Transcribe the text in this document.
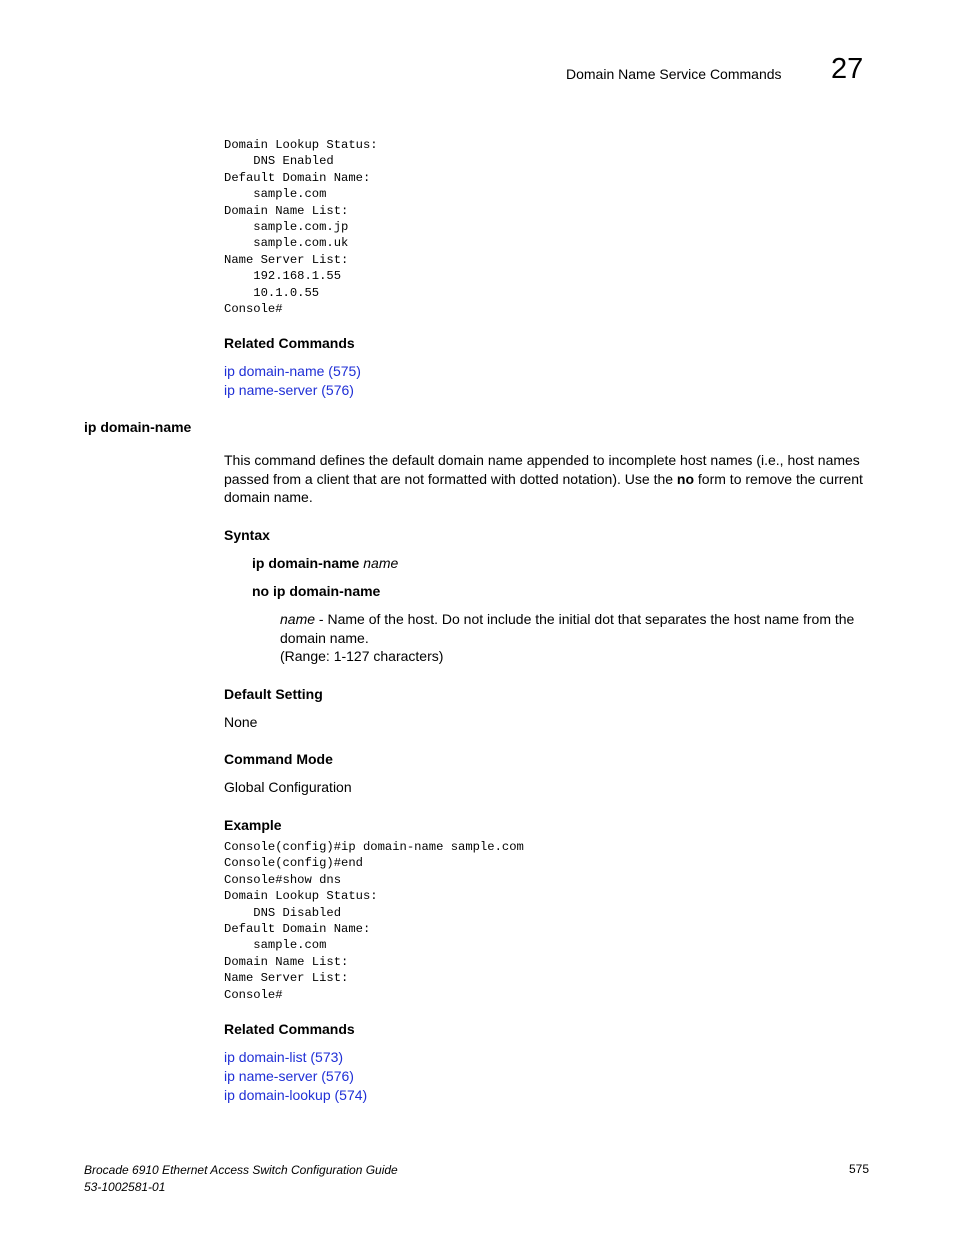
Domain Name Service Commands 27
Domain Lookup Status:
DNS Enabled
Default Domain Name:
sample.com
Domain Name List:
sample.com.jp
sample.com.uk
Name Server List:
192.168.1.55
10.1.0.55
Console#
Related Commands
ip domain-name (575)
ip name-server (576)
ip domain-name
This command defines the default domain name appended to incomplete host names (i.e., host names passed from a client that are not formatted with dotted notation). Use the no form to remove the current domain name.
Syntax
ip domain-name name
no ip domain-name
name - Name of the host. Do not include the initial dot that separates the host name from the domain name.
(Range: 1-127 characters)
Default Setting
None
Command Mode
Global Configuration
Example
Console(config)#ip domain-name sample.com
Console(config)#end
Console#show dns
Domain Lookup Status:
DNS Disabled
Default Domain Name:
sample.com
Domain Name List:
Name Server List:
Console#
Related Commands
ip domain-list (573)
ip name-server (576)
ip domain-lookup (574)
Brocade 6910 Ethernet Access Switch Configuration Guide
53-1002581-01
575
